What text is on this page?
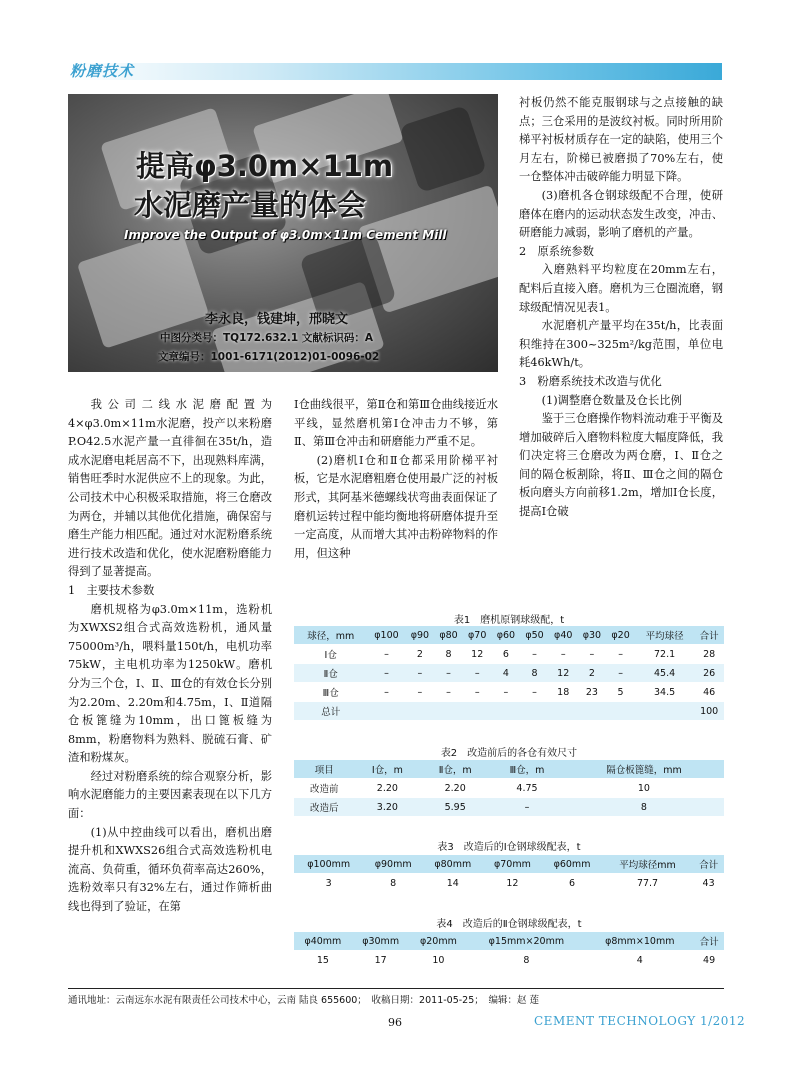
粉磨技术
提高φ3.0m×11m
水泥磨产量的体会
Improve the Output of φ3.0m×11m Cement Mill
李永良，钱建坤，邢晓文
中图分类号：TQ172.632.1 文献标识码：A
文章编号：1001-6171(2012)01-0096-02

衬板仍然不能克服钢球与之点接触的缺点；三仓采用的是波纹衬板。同时所用阶梯平衬板材质存在一定的缺陷，使用三个月左右，阶梯已被磨损了70%左右，使一仓整体冲击破碎能力明显下降。

(3)磨机各仓钢球级配不合理，使研磨体在磨内的运动状态发生改变，冲击、研磨能力减弱，影响了磨机的产量。

2　原系统参数

入磨熟料平均粒度在20mm左右，配料后直接入磨。磨机为三仓圈流磨，钢球级配情况见表1。

水泥磨机产量平均在35t/h，比表面积维持在300~325m²/kg范围，单位电耗46kWh/t。

3　粉磨系统技术改造与优化

(1)调整磨仓数量及仓长比例

鉴于三仓磨操作物料流动难于平衡及增加破碎后入磨物料粒度大幅度降低，我们决定将三仓磨改为两仓磨，Ⅰ、Ⅱ仓之间的隔仓板割除，将Ⅱ、Ⅲ仓之间的隔仓板向磨头方向前移1.2m，增加Ⅰ仓长度，提高Ⅰ仓破

我公司二线水泥磨配置为4×φ3.0m×11m水泥磨，投产以来粉磨P.O42.5水泥产量一直徘徊在35t/h，造成水泥磨电耗居高不下，出现熟料库满，销售旺季时水泥供应不上的现象。为此，公司技术中心积极采取措施，将三仓磨改为两仓，并辅以其他优化措施，确保窑与磨生产能力相匹配。通过对水泥粉磨系统进行技术改造和优化，使水泥磨粉磨能力得到了显著提高。

1　主要技术参数

磨机规格为φ3.0m×11m，选粉机为XWXS2组合式高效选粉机，通风量75000m³/h，喂料量150t/h，电机功率75kW，主电机功率为1250kW。磨机分为三个仓，Ⅰ、Ⅱ、Ⅲ仓的有效仓长分别为2.20m、2.20m和4.75m，Ⅰ、Ⅱ道隔仓板篦缝为10mm，出口篦板缝为8mm，粉磨物料为熟料、脱硫石膏、矿渣和粉煤灰。

经过对粉磨系统的综合观察分析，影响水泥磨能力的主要因素表现在以下几方面：

(1)从中控曲线可以看出，磨机出磨提升机和XWXS26组合式高效选粉机电流高、负荷重，循环负荷率高达260%，选粉效率只有32%左右，通过作筛析曲线也得到了验证，在第

Ⅰ仓曲线很平，第Ⅱ仓和第Ⅲ仓曲线接近水平线，显然磨机第Ⅰ仓冲击力不够，第Ⅱ、第Ⅲ仓冲击和研磨能力严重不足。

(2)磨机Ⅰ仓和Ⅱ仓都采用阶梯平衬板，它是水泥磨粗磨仓使用最广泛的衬板形式，其阿基米德螺线状弯曲表面保证了磨机运转过程中能均衡地将研磨体提升至一定高度，从而增大其冲击粉碎物料的作用，但这种

表1　磨机原钢球级配，t
球径，mm	φ100	φ90	φ80	φ70	φ60	φ50	φ40	φ30	φ20	平均球径	合计
Ⅰ仓	–	2	8	12	6	–	–	–	–	72.1	28
Ⅱ仓	–	–	–	–	4	8	12	2	–	45.4	26
Ⅲ仓	–	–	–	–	–	–	18	23	5	34.5	46
总计											100
表2　改造前后的各仓有效尺寸
项目	Ⅰ仓，m	Ⅱ仓，m	Ⅲ仓，m	隔仓板篦缝，mm
改造前	2.20	2.20	4.75	10
改造后	3.20	5.95	–	8
表3　改造后的Ⅰ仓钢球级配表，t
φ100mm	φ90mm	φ80mm	φ70mm	φ60mm	平均球径mm	合计
3	8	14	12	6	77.7	43
表4　改造后的Ⅱ仓钢球级配表，t
φ40mm	φ30mm	φ20mm	φ15mm×20mm	φ8mm×10mm	合计
15	17	10	8	4	49
通讯地址：云南远东水泥有限责任公司技术中心，云南 陆良 655600；　收稿日期：2011-05-25；　编辑：赵 莲
96	CEMENT TECHNOLOGY 1/2012
